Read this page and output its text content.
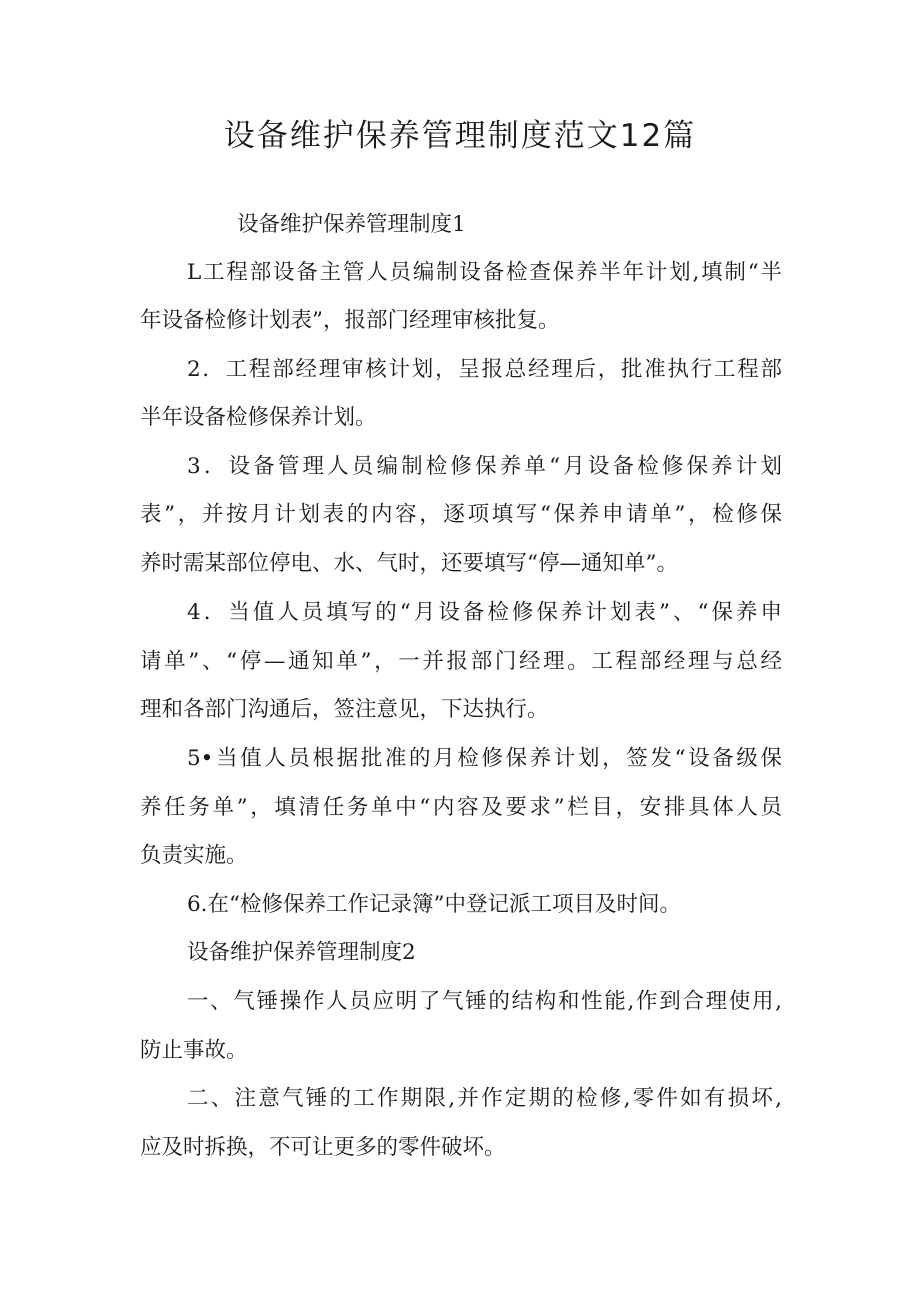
设备维护保养管理制度范文12篇

设备维护保养管理制度1

L工程部设备主管人员编制设备检查保养半年计划,填制“半

年设备检修计划表”，报部门经理审核批复。

2．工程部经理审核计划，呈报总经理后，批准执行工程部

半年设备检修保养计划。

3．设备管理人员编制检修保养单“月设备检修保养计划

表”，并按月计划表的内容，逐项填写“保养申请单”，检修保

养时需某部位停电、水、气时，还要填写“停—通知单”。

4．当值人员填写的“月设备检修保养计划表”、“保养申

请单”、“停—通知单”，一并报部门经理。工程部经理与总经

理和各部门沟通后，签注意见，下达执行。

5•当值人员根据批准的月检修保养计划，签发“设备级保

养任务单”，填清任务单中“内容及要求”栏目，安排具体人员

负责实施。

6.在“检修保养工作记录簿”中登记派工项目及时间。

设备维护保养管理制度2

一、气锤操作人员应明了气锤的结构和性能,作到合理使用,

防止事故。

二、注意气锤的工作期限,并作定期的检修,零件如有损坏,

应及时拆换，不可让更多的零件破坏。
